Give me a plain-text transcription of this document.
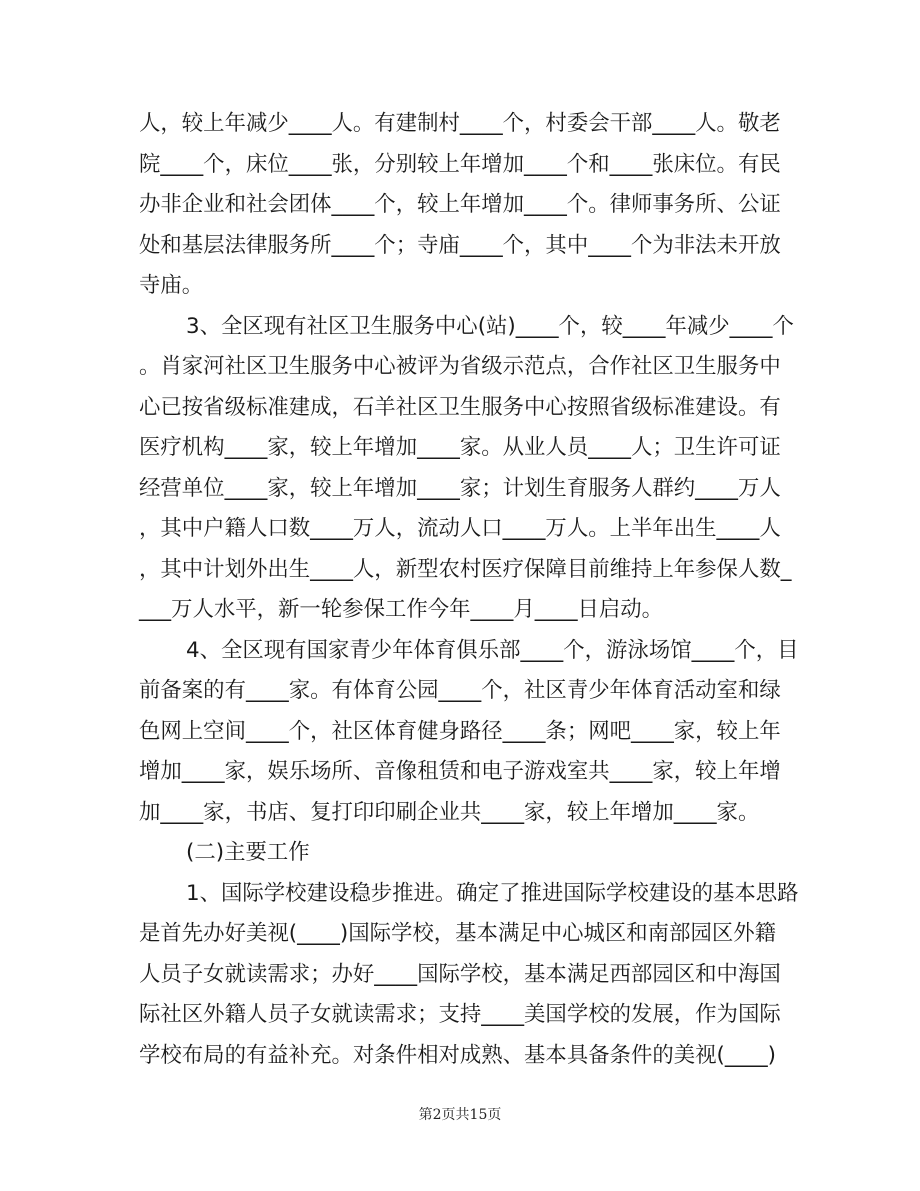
人，较上年减少____人。有建制村____个，村委会干部____人。敬老
院____个，床位____张，分别较上年增加____个和____张床位。有民
办非企业和社会团体____个，较上年增加____个。律师事务所、公证
处和基层法律服务所____个；寺庙____个，其中____个为非法未开放
寺庙。
3、全区现有社区卫生服务中心(站)____个，较____年减少____个
。肖家河社区卫生服务中心被评为省级示范点，合作社区卫生服务中
心已按省级标准建成，石羊社区卫生服务中心按照省级标准建设。有
医疗机构____家，较上年增加____家。从业人员____人；卫生许可证
经营单位____家，较上年增加____家；计划生育服务人群约____万人
，其中户籍人口数____万人，流动人口____万人。上半年出生____人
，其中计划外出生____人，新型农村医疗保障目前维持上年参保人数_
___万人水平，新一轮参保工作今年____月____日启动。
4、全区现有国家青少年体育俱乐部____个，游泳场馆____个，目
前备案的有____家。有体育公园____个，社区青少年体育活动室和绿
色网上空间____个，社区体育健身路径____条；网吧____家，较上年
增加____家，娱乐场所、音像租赁和电子游戏室共____家，较上年增
加____家，书店、复打印印刷企业共____家，较上年增加____家。
(二)主要工作
1、国际学校建设稳步推进。确定了推进国际学校建设的基本思路
是首先办好美视(____)国际学校，基本满足中心城区和南部园区外籍
人员子女就读需求；办好____国际学校，基本满足西部园区和中海国
际社区外籍人员子女就读需求；支持____美国学校的发展，作为国际
学校布局的有益补充。对条件相对成熟、基本具备条件的美视(____)
第2页共15页
